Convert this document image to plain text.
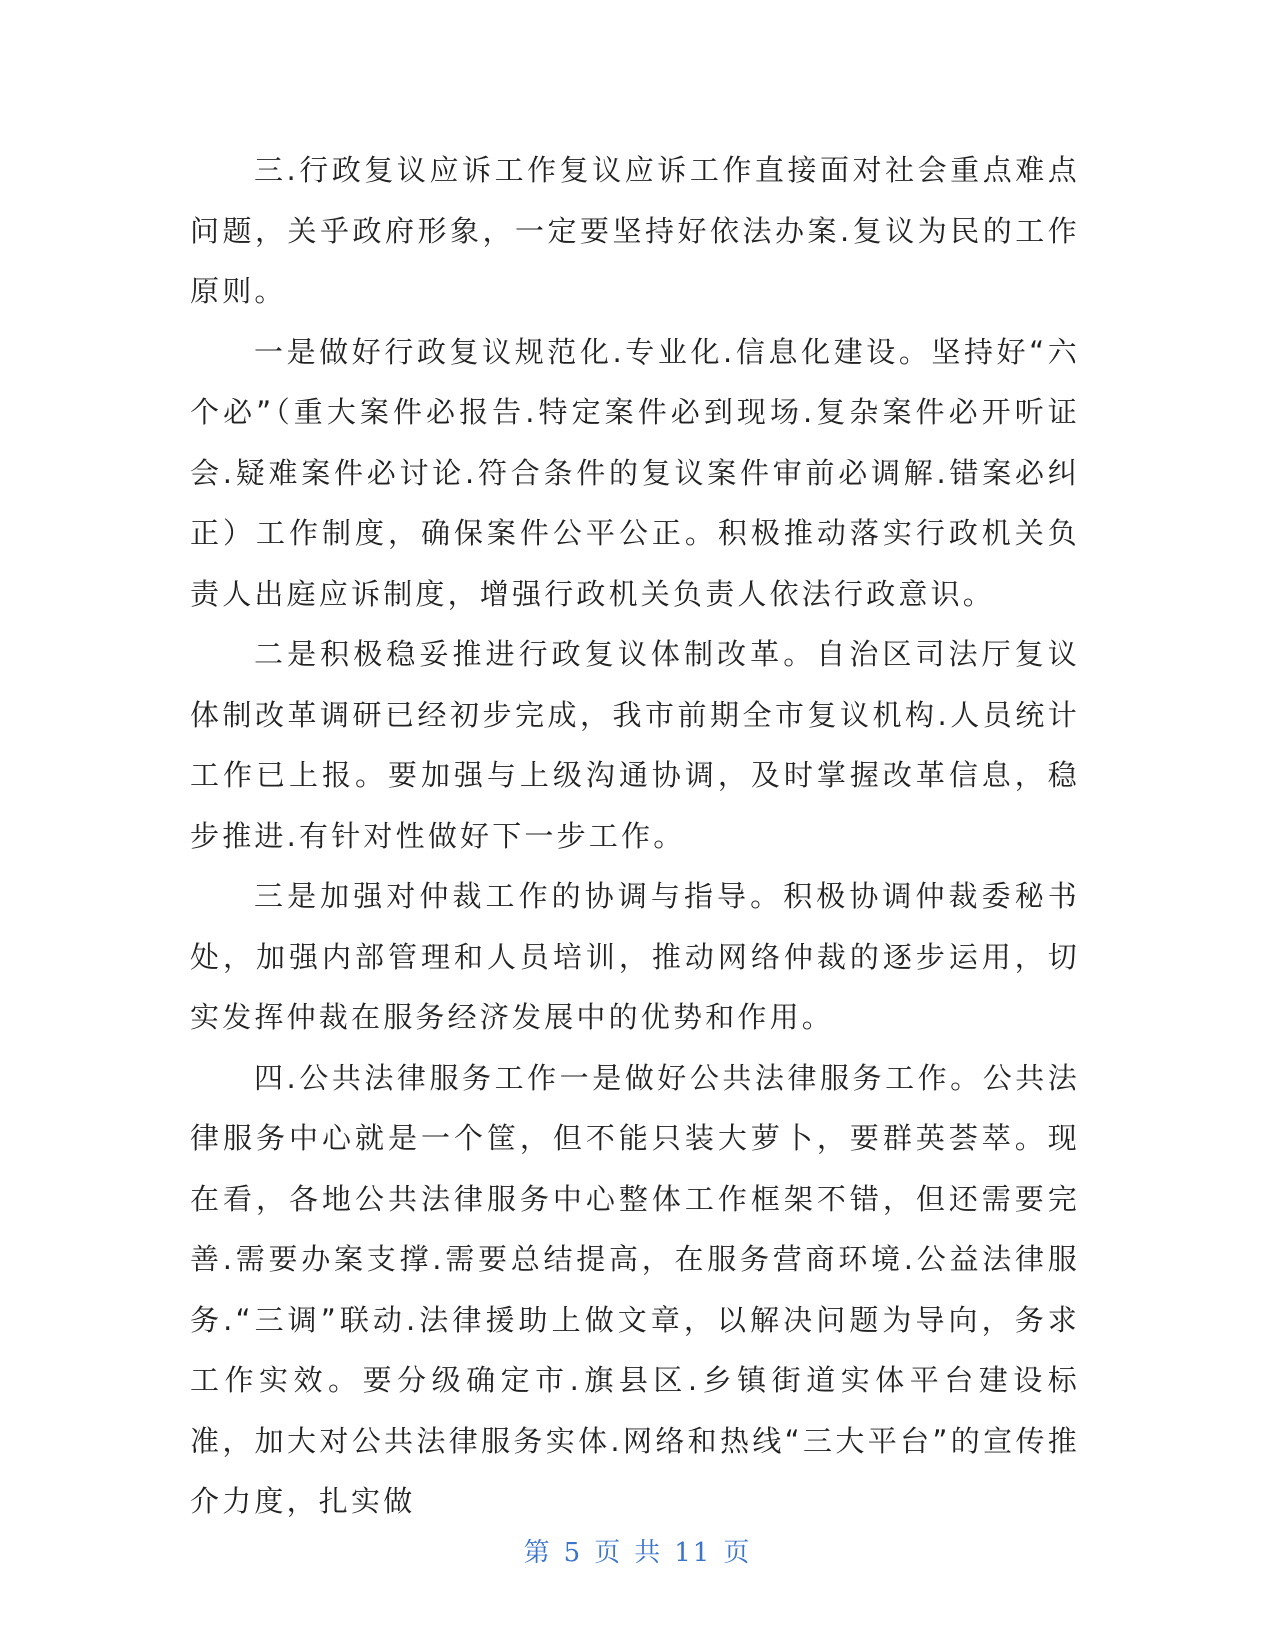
三.行政复议应诉工作复议应诉工作直接面对社会重点难点问题，关乎政府形象，一定要坚持好依法办案.复议为民的工作原则。

一是做好行政复议规范化.专业化.信息化建设。坚持好“六个必”（重大案件必报告.特定案件必到现场.复杂案件必开听证会.疑难案件必讨论.符合条件的复议案件审前必调解.错案必纠正）工作制度，确保案件公平公正。积极推动落实行政机关负责人出庭应诉制度，增强行政机关负责人依法行政意识。

二是积极稳妥推进行政复议体制改革。自治区司法厅复议体制改革调研已经初步完成，我市前期全市复议机构.人员统计工作已上报。要加强与上级沟通协调，及时掌握改革信息，稳步推进.有针对性做好下一步工作。

三是加强对仲裁工作的协调与指导。积极协调仲裁委秘书处，加强内部管理和人员培训，推动网络仲裁的逐步运用，切实发挥仲裁在服务经济发展中的优势和作用。

四.公共法律服务工作一是做好公共法律服务工作。公共法律服务中心就是一个筐，但不能只装大萝卜，要群英荟萃。现在看，各地公共法律服务中心整体工作框架不错，但还需要完善.需要办案支撑.需要总结提高，在服务营商环境.公益法律服务.“三调”联动.法律援助上做文章，以解决问题为导向，务求工作实效。要分级确定市.旗县区.乡镇街道实体平台建设标准，加大对公共法律服务实体.网络和热线“三大平台”的宣传推介力度，扎实做

第 5 页 共 11 页
